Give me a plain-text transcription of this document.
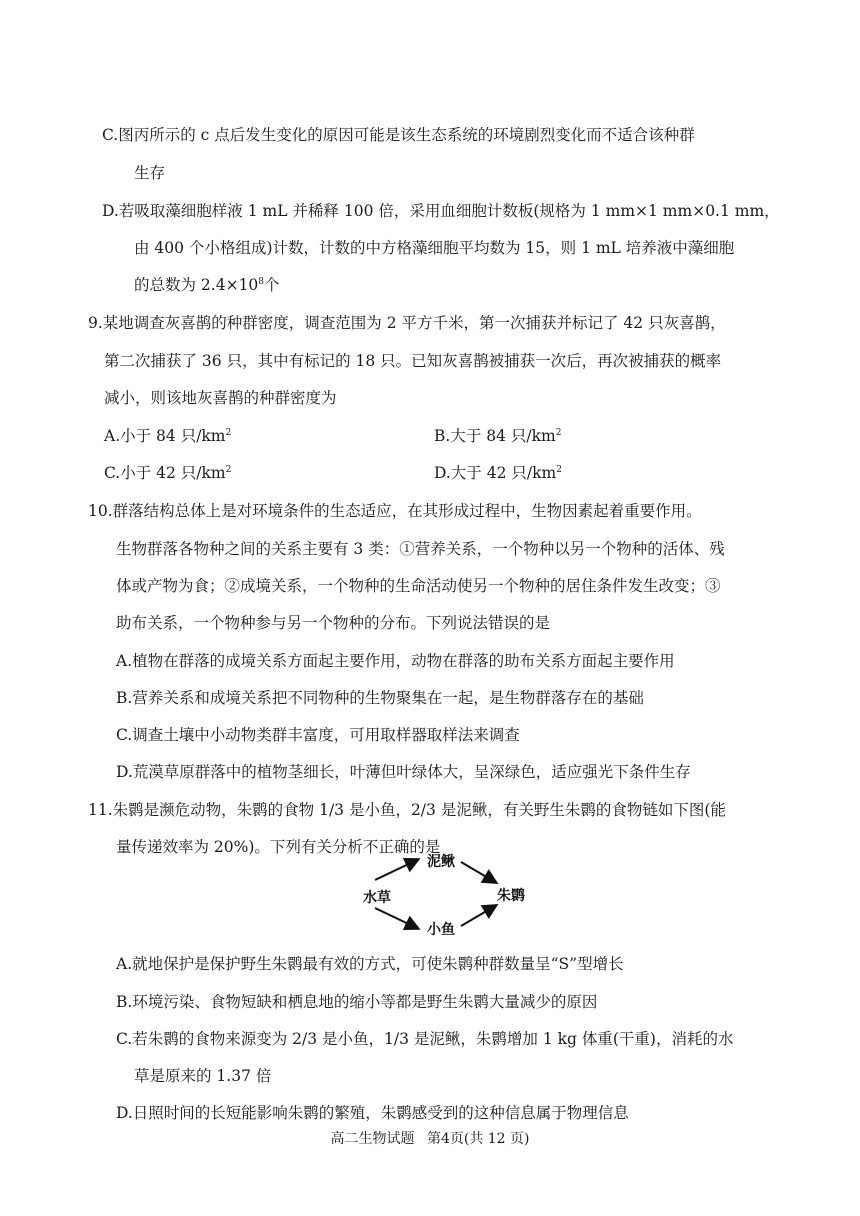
C.图丙所示的 c 点后发生变化的原因可能是该生态系统的环境剧烈变化而不适合该种群
生存
D.若吸取藻细胞样液 1 mL 并稀释 100 倍，采用血细胞计数板(规格为 1 mm×1 mm×0.1 mm，
由 400 个小格组成)计数，计数的中方格藻细胞平均数为 15，则 1 mL 培养液中藻细胞
的总数为 $2.4\times 10^8$个
9.某地调查灰喜鹊的种群密度，调查范围为 2 平方千米，第一次捕获并标记了 42 只灰喜鹊，
第二次捕获了 36 只，其中有标记的 18 只。已知灰喜鹊被捕获一次后，再次被捕获的概率
减小，则该地灰喜鹊的种群密度为
A.小于 84 只$/km^2$	B.大于 84 只$/km^2$
C.小于 42 只$/km^2$	D.大于 42 只$/km^2$
10.群落结构总体上是对环境条件的生态适应，在其形成过程中，生物因素起着重要作用。
生物群落各物种之间的关系主要有 3 类：①营养关系，一个物种以另一个物种的活体、残
体或产物为食；②成境关系，一个物种的生命活动使另一个物种的居住条件发生改变；③
助布关系，一个物种参与另一个物种的分布。下列说法错误的是
A.植物在群落的成境关系方面起主要作用，动物在群落的助布关系方面起主要作用
B.营养关系和成境关系把不同物种的生物聚集在一起，是生物群落存在的基础
C.调查土壤中小动物类群丰富度，可用取样器取样法来调查
D.荒漠草原群落中的植物茎细长，叶薄但叶绿体大，呈深绿色，适应强光下条件生存
11.朱鹮是濒危动物，朱鹮的食物 1/3 是小鱼，2/3 是泥鳅，有关野生朱鹮的食物链如下图(能
量传递效率为 20%)。下列有关分析不正确的是
水草
泥鳅
小鱼
朱鹮
A.就地保护是保护野生朱鹮最有效的方式，可使朱鹮种群数量呈“S”型增长
B.环境污染、食物短缺和栖息地的缩小等都是野生朱鹮大量减少的原因
C.若朱鹮的食物来源变为 2/3 是小鱼，1/3 是泥鳅，朱鹮增加 1 kg 体重(干重)，消耗的水
草是原来的 1.37 倍
D.日照时间的长短能影响朱鹮的繁殖，朱鹮感受到的这种信息属于物理信息
高二生物试题 第4页(共 12 页)
